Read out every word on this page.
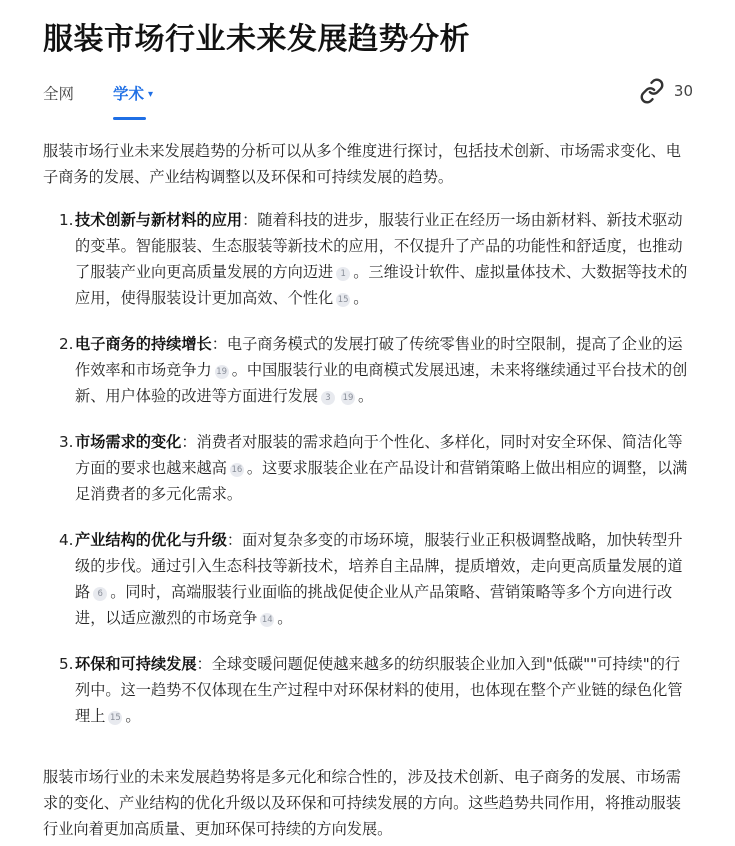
服装市场行业未来发展趋势分析
全网	学术 ▾	30

服装市场行业未来发展趋势的分析可以从多个维度进行探讨，包括技术创新、市场需求变化、电子商务的发展、产业结构调整以及环保和可持续发展的趋势。

1. 技术创新与新材料的应用：随着科技的进步，服装行业正在经历一场由新材料、新技术驱动的变革。智能服装、生态服装等新技术的应用，不仅提升了产品的功能性和舒适度，也推动了服装产业向更高质量发展的方向迈进 1 。三维设计软件、虚拟量体技术、大数据等技术的应用，使得服装设计更加高效、个性化 15 。
2. 电子商务的持续增长：电子商务模式的发展打破了传统零售业的时空限制，提高了企业的运作效率和市场竞争力 19 。中国服装行业的电商模式发展迅速，未来将继续通过平台技术的创新、用户体验的改进等方面进行发展 3 19 。
3. 市场需求的变化：消费者对服装的需求趋向于个性化、多样化，同时对安全环保、简洁化等方面的要求也越来越高 16 。这要求服装企业在产品设计和营销策略上做出相应的调整，以满足消费者的多元化需求。
4. 产业结构的优化与升级：面对复杂多变的市场环境，服装行业正积极调整战略，加快转型升级的步伐。通过引入生态科技等新技术，培养自主品牌，提质增效，走向更高质量发展的道路 6 。同时，高端服装行业面临的挑战促使企业从产品策略、营销策略等多个方向进行改进，以适应激烈的市场竞争 14 。
5. 环保和可持续发展：全球变暖问题促使越来越多的纺织服装企业加入到"低碳""可持续"的行列中。这一趋势不仅体现在生产过程中对环保材料的使用，也体现在整个产业链的绿色化管理上 15 。

服装市场行业的未来发展趋势将是多元化和综合性的，涉及技术创新、电子商务的发展、市场需求的变化、产业结构的优化升级以及环保和可持续发展的方向。这些趋势共同作用，将推动服装行业向着更加高质量、更加环保可持续的方向发展。
